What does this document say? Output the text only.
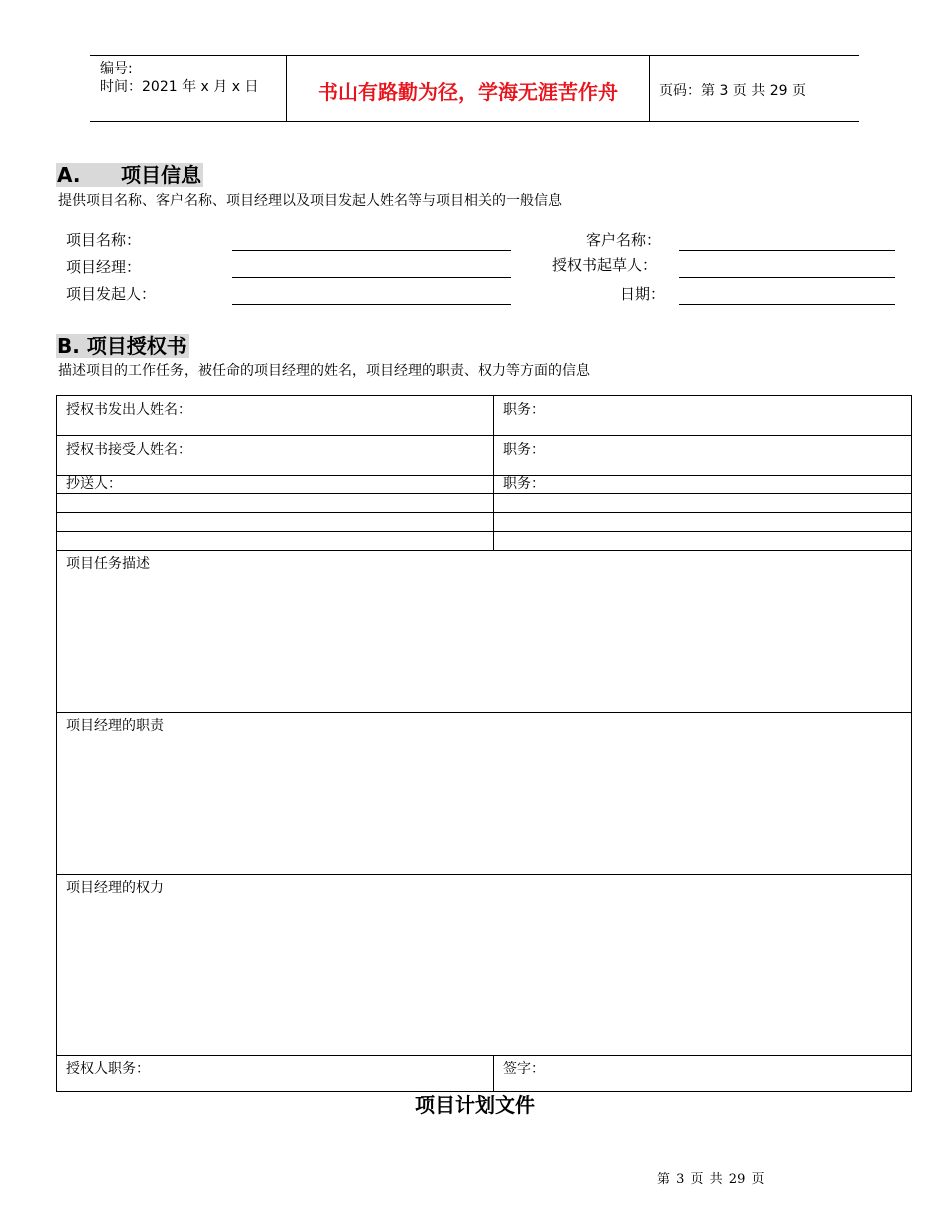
编号:
时间：2021 年 x 月 x 日	书山有路勤为径，学海无涯苦作舟	页码：第 3 页 共 29 页
A.	项目信息
提供项目名称、客户名称、项目经理以及项目发起人姓名等与项目相关的一般信息
项目名称：	客户名称：
项目经理：	授权书起草人：
项目发起人：	日期：
B. 项目授权书
描述项目的工作任务，被任命的项目经理的姓名，项目经理的职责、权力等方面的信息
授权书发出人姓名：	职务：
授权书接受人姓名：	职务：
抄送人：	职务：

项目任务描述	
项目经理的职责	
项目经理的权力	
授权人职务：	签字：
项目计划文件
第 3 页 共 29 页
